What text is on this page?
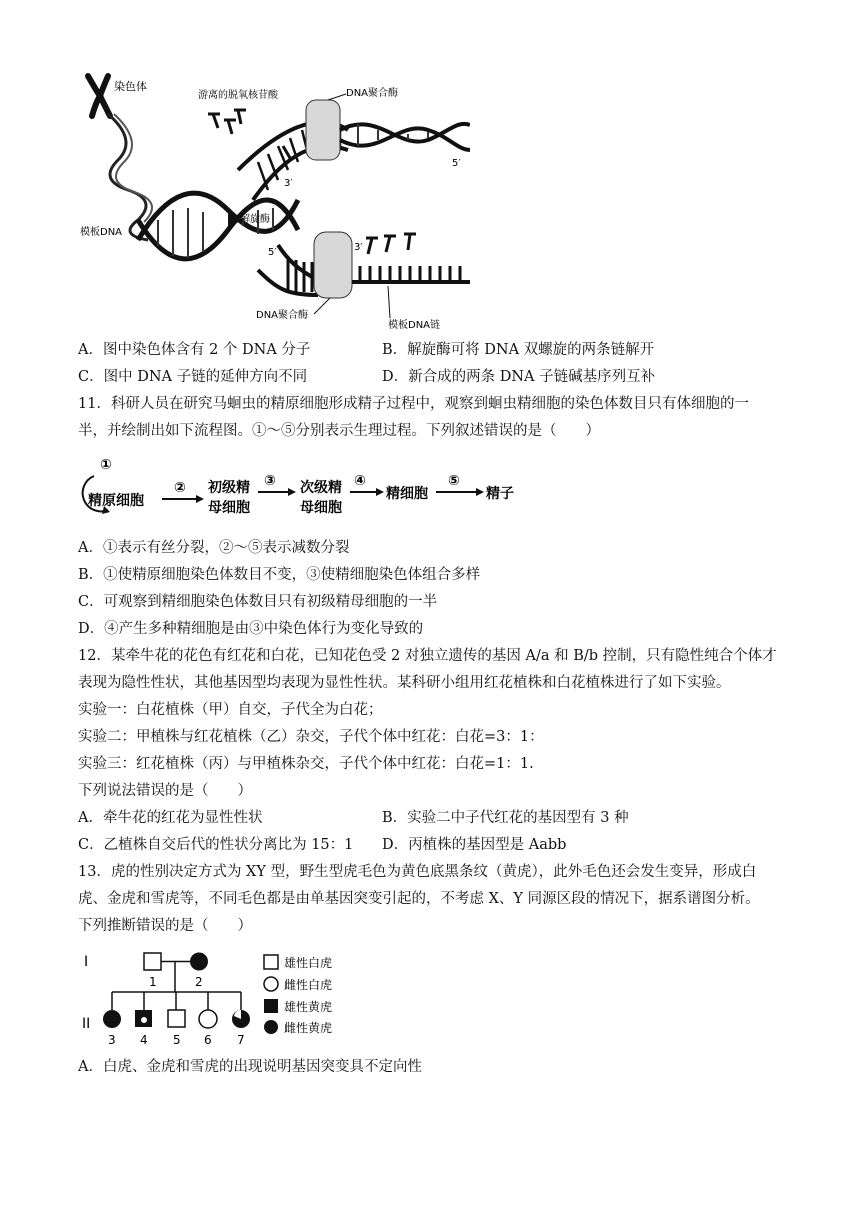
染色体
模板DNA
游离的脱氧核苷酸	DNA聚合酶
5′
3′
解旋酶
5′	3′
DNA聚合酶
模板DNA链
A．图中染色体含有 2 个 DNA 分子	B．解旋酶可将 DNA 双螺旋的两条链解开
C．图中 DNA 子链的延伸方向不同	D．新合成的两条 DNA 子链碱基序列互补
11．科研人员在研究马蛔虫的精原细胞形成精子过程中，观察到蛔虫精细胞的染色体数目只有体细胞的一
半，并绘制出如下流程图。①～⑤分别表示生理过程。下列叙述错误的是（　　）
①
精原细胞
② 初级精
母细胞
③ 次级精
母细胞
④
精细胞
⑤
精子
A．①表示有丝分裂，②～⑤表示减数分裂
B．①使精原细胞染色体数目不变，③使精细胞染色体组合多样
C．可观察到精细胞染色体数目只有初级精母细胞的一半
D．④产生多种精细胞是由③中染色体行为变化导致的
12．某牵牛花的花色有红花和白花，已知花色受 2 对独立遗传的基因 A/a 和 B/b 控制，只有隐性纯合个体才
表现为隐性性状，其他基因型均表现为显性性状。某科研小组用红花植株和白花植株进行了如下实验。
实验一：白花植株（甲）自交，子代全为白花；
实验二：甲植株与红花植株（乙）杂交，子代个体中红花：白花=3：1：
实验三：红花植株（丙）与甲植株杂交，子代个体中红花：白花=1：1.
下列说法错误的是（　　）
A．牵牛花的红花为显性性状	B．实验二中子代红花的基因型有 3 种
C．乙植株自交后代的性状分离比为 15：1 D．丙植株的基因型是 Aabb
13．虎的性别决定方式为 XY 型，野生型虎毛色为黄色底黑条纹（黄虎），此外毛色还会发生变异，形成白
虎、金虎和雪虎等，不同毛色都是由单基因突变引起的，不考虑 X、Y 同源区段的情况下，据系谱图分析。
下列推断错误的是（　　）
I
II
1	2
3 4 5 6 7
雄性白虎
雌性白虎
雄性黄虎
雌性黄虎
A．白虎、金虎和雪虎的出现说明基因突变具不定向性
